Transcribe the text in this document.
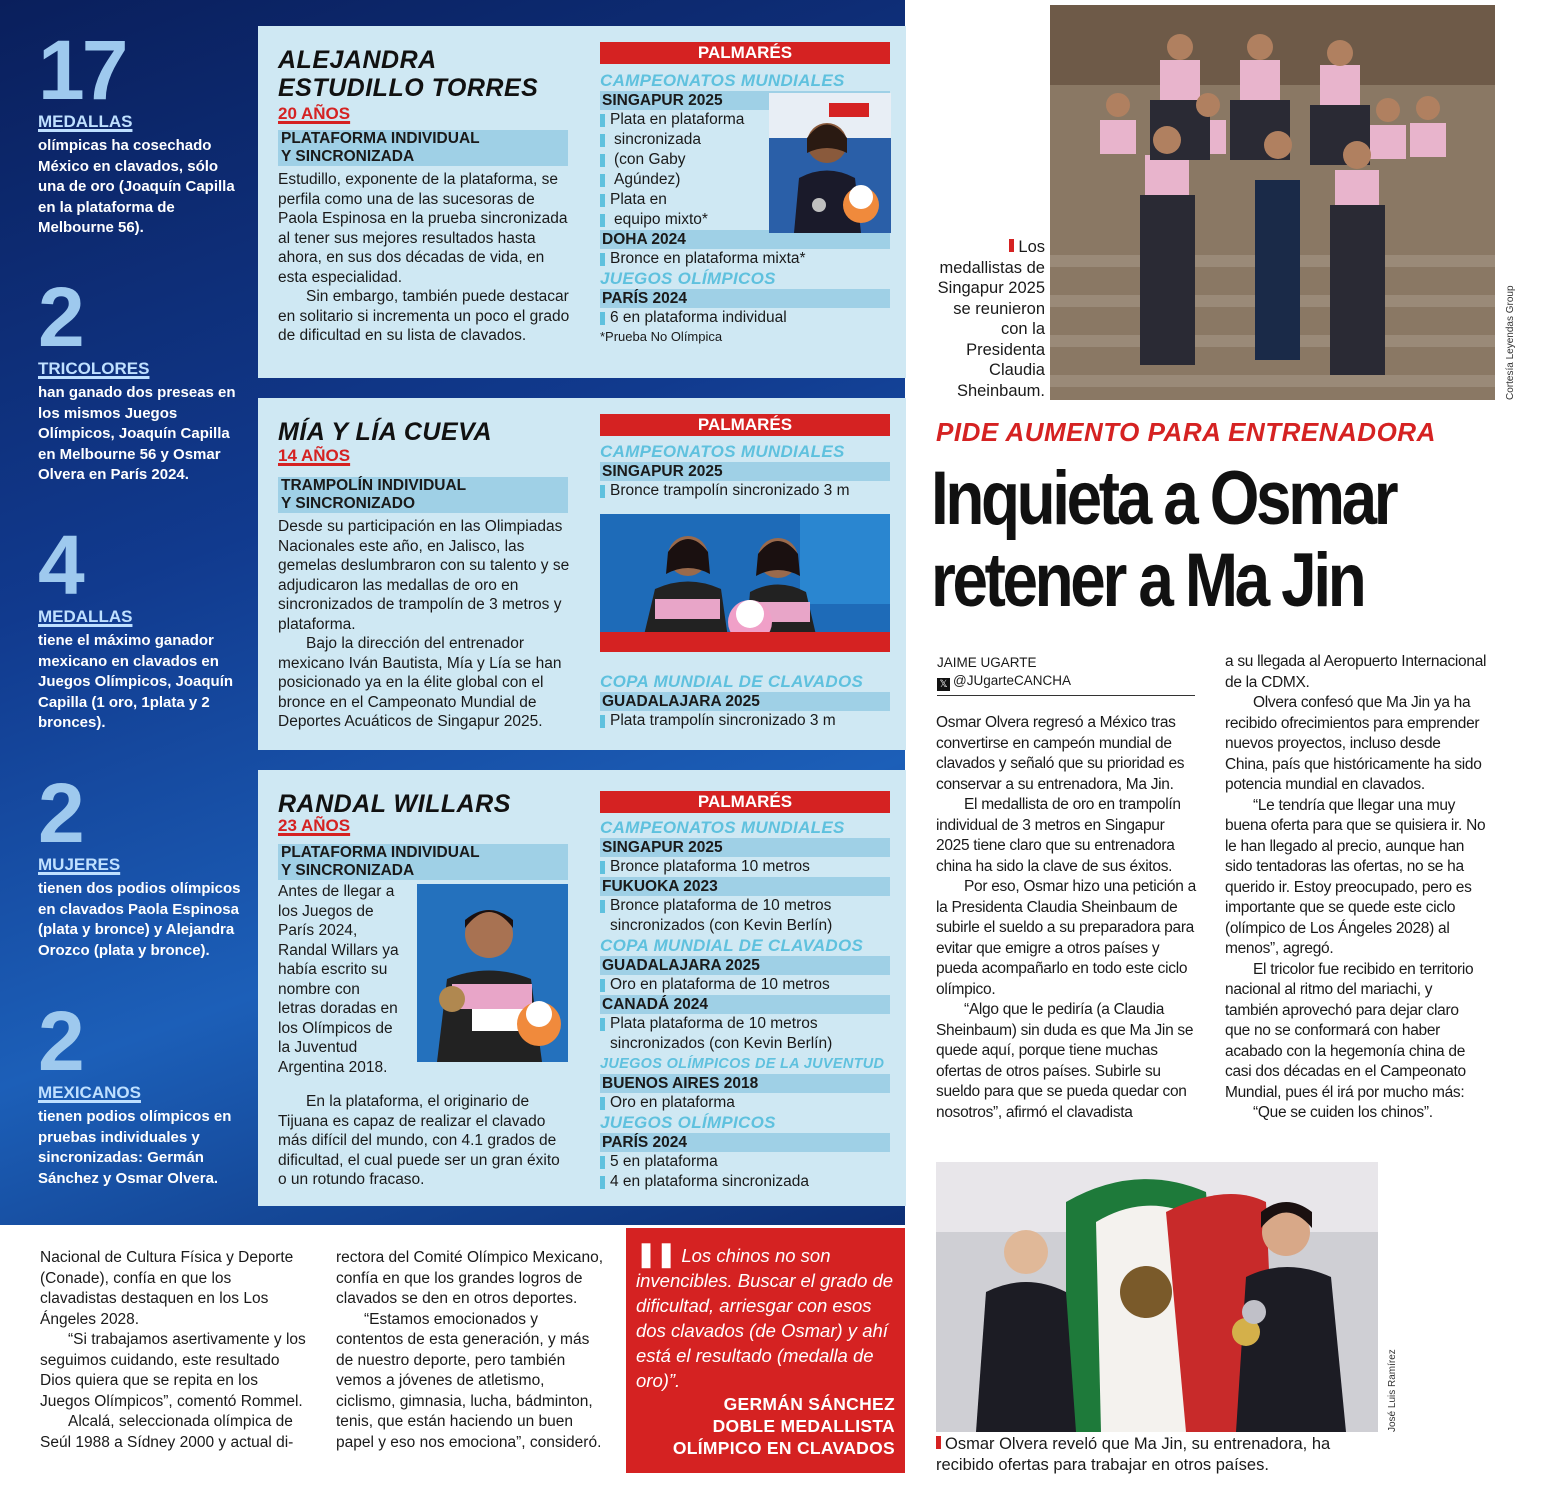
17
MEDALLAS
olímpicas ha cosechado México en clavados, sólo una de oro (Joaquín Capilla en la plataforma de Melbourne 56).
2
TRICOLORES
han ganado dos preseas en los mismos Juegos Olímpicos, Joaquín Capilla en Melbourne 56 y Osmar Olvera en París 2024.
4
MEDALLAS
tiene el máximo ganador mexicano en clavados en Juegos Olímpicos, Joaquín Capilla (1 oro, 1plata y 2 bronces).
2
MUJERES
tienen dos podios olímpicos en clavados Paola Espinosa (plata y bronce) y Alejandra Orozco (plata y bronce).
2
MEXICANOS
tienen podios olímpicos en pruebas individuales y sincronizadas: Germán Sánchez y Osmar Olvera.
ALEJANDRA
ESTUDILLO TORRES
20 AÑOS
PLATAFORMA INDIVIDUAL
Y SINCRONIZADA

Estudillo, exponente de la plataforma, se perfila como una de las sucesoras de Paola Espinosa en la prueba sincronizada al tener sus mejores resultados hasta ahora, en sus dos décadas de vida, en esta especialidad.

Sin embargo, también puede destacar en solitario si incrementa un poco el grado de dificultad en su lista de clavados.

PALMARÉS
CAMPEONATOS MUNDIALES
SINGAPUR 2025
Plata en plataforma
sincronizada
(con Gaby
Agúndez)
Plata en
equipo mixto*
DOHA 2024
Bronce en plataforma mixta*
JUEGOS OLÍMPICOS
PARÍS 2024
6 en plataforma individual
*Prueba No Olímpica
MÍA Y LÍA CUEVA
14 AÑOS
TRAMPOLÍN INDIVIDUAL
Y SINCRONIZADO

Desde su participación en las Olimpiadas Nacionales este año, en Jalisco, las gemelas deslumbraron con su talento y se adjudicaron las medallas de oro en sincronizados de trampolín de 3 metros y plataforma.

Bajo la dirección del entrenador mexicano Iván Bautista, Mía y Lía se han posicionado ya en la élite global con el bronce en el Campeonato Mundial de Deportes Acuáticos de Singapur 2025.

PALMARÉS
CAMPEONATOS MUNDIALES
SINGAPUR 2025
Bronce trampolín sincronizado 3 m
COPA MUNDIAL DE CLAVADOS
GUADALAJARA 2025
Plata trampolín sincronizado 3 m
RANDAL WILLARS
23 AÑOS
PLATAFORMA INDIVIDUAL
Y SINCRONIZADA

Antes de llegar a los Juegos de París 2024, Randal Willars ya había escrito su nombre con letras doradas en los Olímpicos de la Juventud Argentina 2018.

En la plataforma, el originario de Tijuana es capaz de realizar el clavado más difícil del mundo, con 4.1 grados de dificultad, el cual puede ser un gran éxito o un rotundo fracaso.

PALMARÉS
CAMPEONATOS MUNDIALES
SINGAPUR 2025
Bronce plataforma 10 metros
FUKUOKA 2023
Bronce plataforma de 10 metros sincronizados (con Kevin Berlín)
COPA MUNDIAL DE CLAVADOS
GUADALAJARA 2025
Oro en plataforma de 10 metros
CANADÁ 2024
Plata plataforma de 10 metros sincronizados (con Kevin Berlín)
JUEGOS OLÍMPICOS DE LA JUVENTUD
BUENOS AIRES 2018
Oro en plataforma
JUEGOS OLÍMPICOS
PARÍS 2024
5 en plataforma
4 en plataforma sincronizada

Nacional de Cultura Física y Deporte (Conade), confía en que los clavadistas destaquen en los Los Ángeles 2028.

“Si trabajamos asertivamente y los seguimos cuidando, este resultado Dios quiera que se repita en los Juegos Olímpicos”, comentó Rommel.

Alcalá, seleccionada olímpica de Seúl 1988 a Sídney 2000 y actual di-

rectora del Comité Olímpico Mexicano, confía en que los grandes logros de clavados se den en otros deportes.

“Estamos emocionados y contentos de esta generación, y más de nuestro deporte, pero también vemos a jóvenes de atletismo, ciclismo, gimnasia, lucha, bádminton, tenis, que están haciendo un buen papel y eso nos emociona”, consideró.

❚❚ Los chinos no son invencibles. Buscar el grado de dificultad, arriesgar con esos dos clavados (de Osmar) y ahí está el resultado (medalla de oro)”.
GERMÁN SÁNCHEZ
DOBLE MEDALLISTA
OLÍMPICO EN CLAVADOS
Cortesía Leyendas Group
Los medallistas de Singapur 2025 se reunieron con la Presidenta Claudia Sheinbaum.
PIDE AUMENTO PARA ENTRENADORA
Inquieta a Osmar
retener a Ma Jin
JAIME UGARTE
𝕏 @JUgarteCANCHA

Osmar Olvera regresó a México tras convertirse en campeón mundial de clavados y señaló que su prioridad es conservar a su entrenadora, Ma Jin.

El medallista de oro en trampolín individual de 3 metros en Singapur 2025 tiene claro que su entrenadora china ha sido la clave de sus éxitos.

Por eso, Osmar hizo una petición a la Presidenta Claudia Sheinbaum de subirle el sueldo a su preparadora para evitar que emigre a otros países y pueda acompañarlo en todo este ciclo olímpico.

“Algo que le pediría (a Claudia Sheinbaum) sin duda es que Ma Jin se quede aquí, porque tiene muchas ofertas de otros países. Subirle su sueldo para que se pueda quedar con nosotros”, afirmó el clavadista

a su llegada al Aeropuerto Internacional de la CDMX.

Olvera confesó que Ma Jin ya ha recibido ofrecimientos para emprender nuevos proyectos, incluso desde China, país que históricamente ha sido potencia mundial en clavados.

“Le tendría que llegar una muy buena oferta para que se quisiera ir. No le han llegado al precio, aunque han sido tentadoras las ofertas, no se ha querido ir. Estoy preocupado, pero es importante que se quede este ciclo (olímpico de Los Ángeles 2028) al menos”, agregó.

El tricolor fue recibido en territorio nacional al ritmo del mariachi, y también aprovechó para dejar claro que no se conformará con haber acabado con la hegemonía china de casi dos décadas en el Campeonato Mundial, pues él irá por mucho más:

“Que se cuiden los chinos”.

José Luis Ramírez
Osmar Olvera reveló que Ma Jin, su entrenadora, ha recibido ofertas para trabajar en otros países.
